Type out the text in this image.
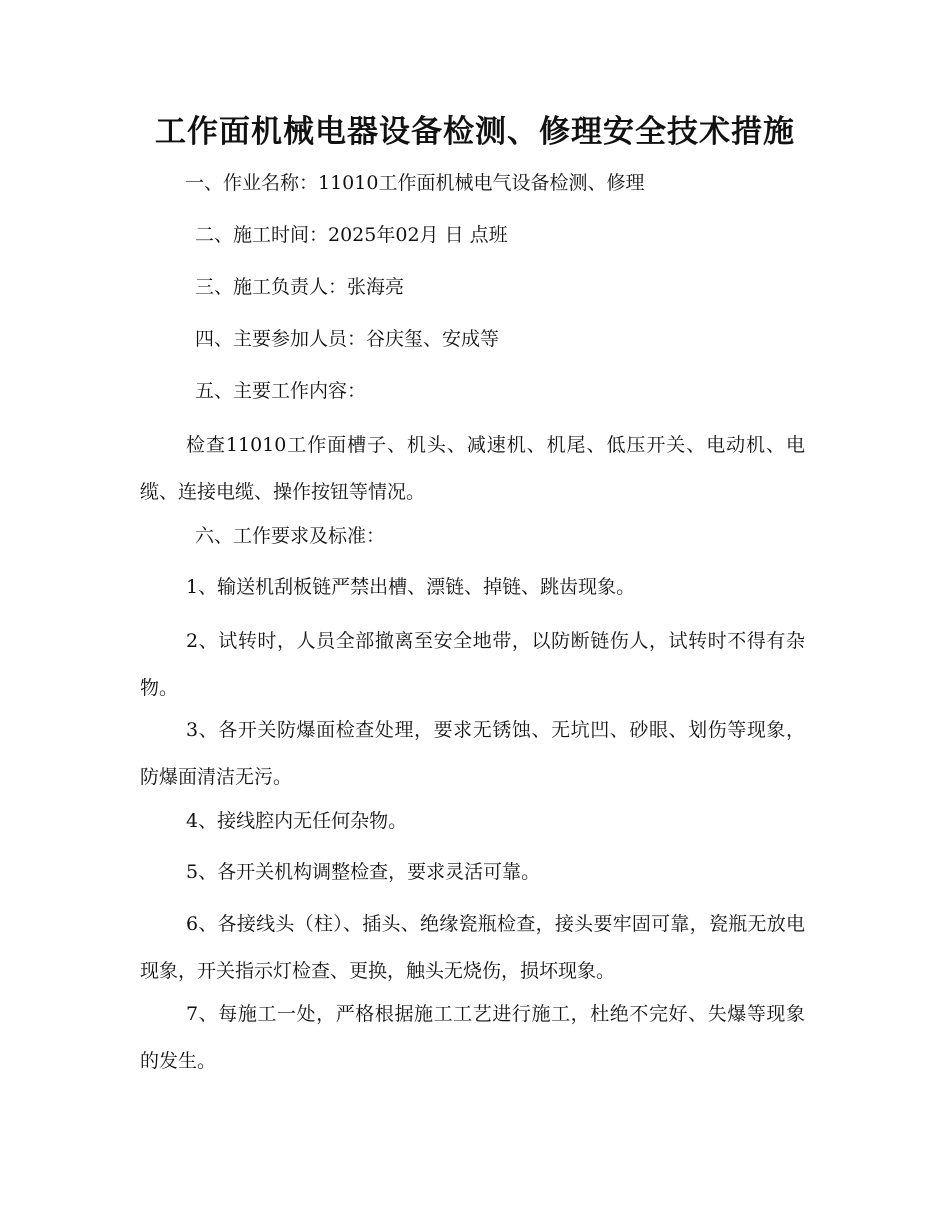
工作面机械电器设备检测、修理安全技术措施
一、作业名称：11010工作面机械电气设备检测、修理
二、施工时间：2025年02月 日 点班
三、施工负责人：张海亮
四、主要参加人员：谷庆玺、安成等
五、主要工作内容：
检查11010工作面槽子、机头、减速机、机尾、低压开关、电动机、电缆、连接电缆、操作按钮等情况。
六、工作要求及标准：
1、输送机刮板链严禁出槽、漂链、掉链、跳齿现象。
2、试转时，人员全部撤离至安全地带，以防断链伤人，试转时不得有杂物。
3、各开关防爆面检查处理，要求无锈蚀、无坑凹、砂眼、划伤等现象，防爆面清洁无污。
4、接线腔内无任何杂物。
5、各开关机构调整检查，要求灵活可靠。
6、各接线头（柱）、插头、绝缘瓷瓶检查，接头要牢固可靠，瓷瓶无放电现象，开关指示灯检查、更换，触头无烧伤，损坏现象。
7、每施工一处，严格根据施工工艺进行施工，杜绝不完好、失爆等现象的发生。
